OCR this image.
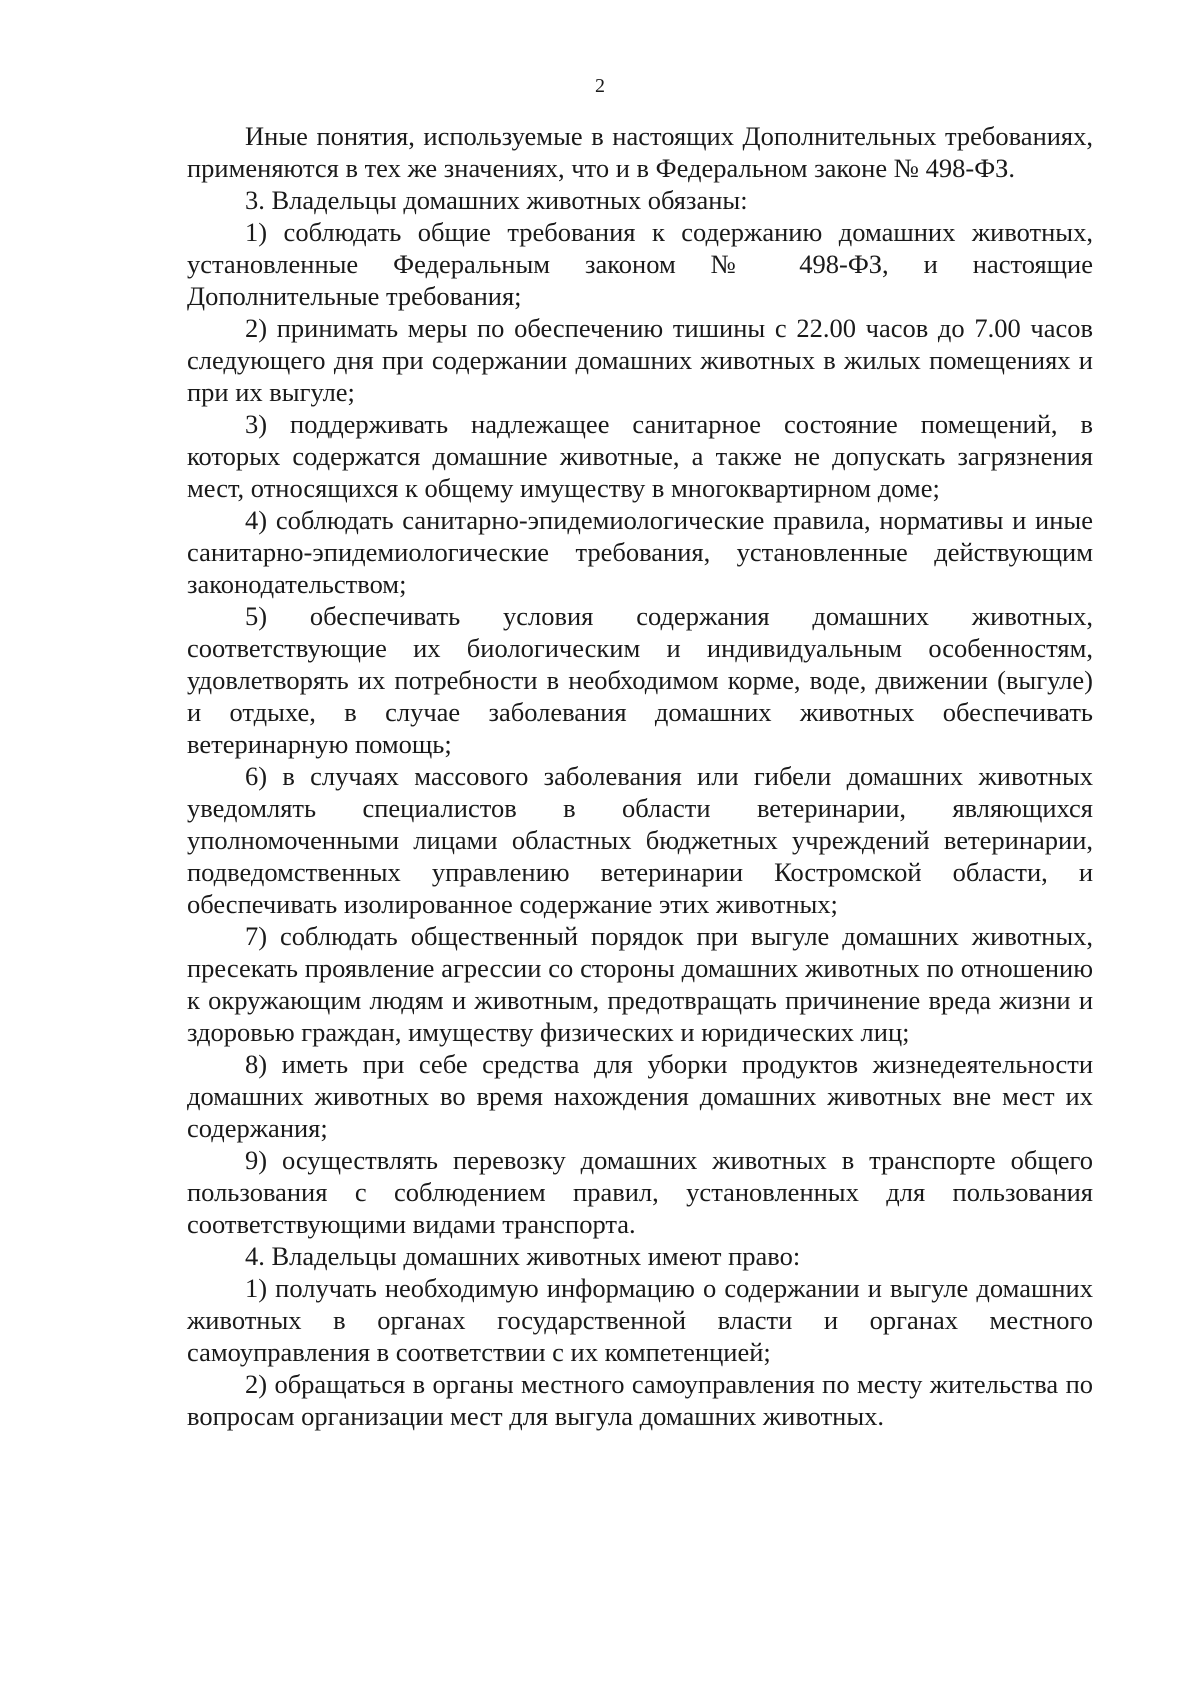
2

Иные понятия, используемые в настоящих Дополнительных требованиях, применяются в тех же значениях, что и в Федеральном законе № 498-ФЗ.

3. Владельцы домашних животных обязаны:

1) соблюдать общие требования к содержанию домашних животных, установленные Федеральным законом № 498-ФЗ, и настоящие Дополнительные требования;

2) принимать меры по обеспечению тишины с 22.00 часов до 7.00 часов следующего дня при содержании домашних животных в жилых помещениях и при их выгуле;

3) поддерживать надлежащее санитарное состояние помещений, в которых содержатся домашние животные, а также не допускать загрязнения мест, относящихся к общему имуществу в многоквартирном доме;

4) соблюдать санитарно-эпидемиологические правила, нормативы и иные санитарно-эпидемиологические требования, установленные действующим законодательством;

5) обеспечивать условия содержания домашних животных, соответствующие их биологическим и индивидуальным особенностям, удовлетворять их потребности в необходимом корме, воде, движении (выгуле) и отдыхе, в случае заболевания домашних животных обеспечивать ветеринарную помощь;

6) в случаях массового заболевания или гибели домашних животных уведомлять специалистов в области ветеринарии, являющихся уполномоченными лицами областных бюджетных учреждений ветеринарии, подведомственных управлению ветеринарии Костромской области, и обеспечивать изолированное содержание этих животных;

7) соблюдать общественный порядок при выгуле домашних животных, пресекать проявление агрессии со стороны домашних животных по отношению к окружающим людям и животным, предотвращать причинение вреда жизни и здоровью граждан, имуществу физических и юридических лиц;

8) иметь при себе средства для уборки продуктов жизнедеятельности домашних животных во время нахождения домашних животных вне мест их содержания;

9) осуществлять перевозку домашних животных в транспорте общего пользования с соблюдением правил, установленных для пользования соответствующими видами транспорта.

4. Владельцы домашних животных имеют право:

1) получать необходимую информацию о содержании и выгуле домашних животных в органах государственной власти и органах местного самоуправления в соответствии с их компетенцией;

2) обращаться в органы местного самоуправления по месту жительства по вопросам организации мест для выгула домашних животных.
